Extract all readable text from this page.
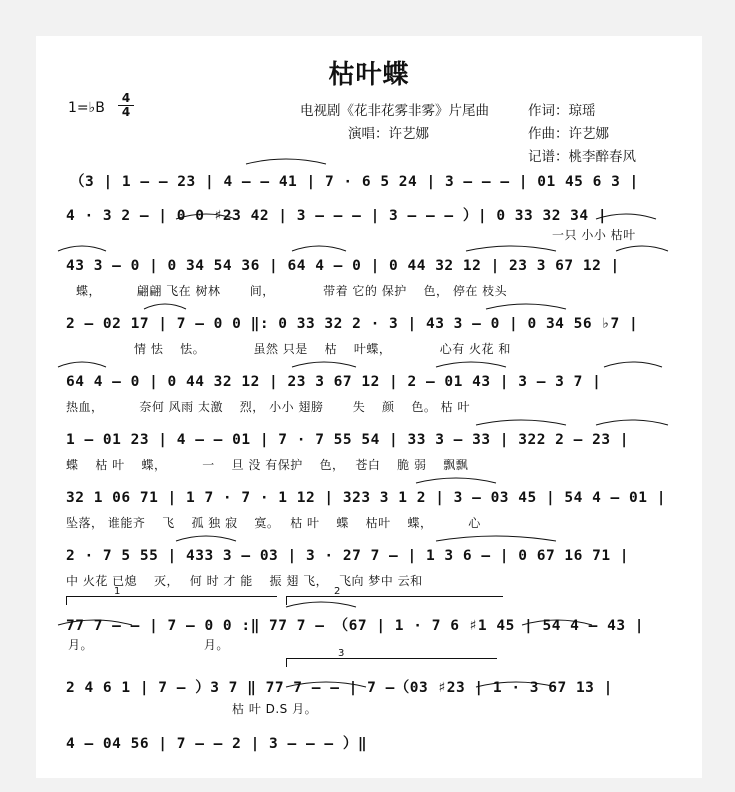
枯叶蝶
1=♭B $\frac{4}{4}$	电视剧《花非花雾非雾》片尾曲
演唱：许艺娜
作词：琼瑶
作曲：许艺娜
记谱：桃李醉春风
（3 | 1 – – 23 | 4 – – 41 | 7 · 6 5 24 | 3 – – – | 01 45 6 3 |
4 · 3 2 – | 0 0 ♯23 42 | 3 – – – | 3 – – – ）| 0 33 32 34 |
一只 小小 枯叶
43 3 – 0 | 0 34 54 36 | 64 4 – 0 | 0 44 32 12 | 23 3 67 12 |
蝶，　　　 翩翩 飞在 树林　　 间，　　　　 带着 它的 保护　 色， 停在 枝头
2 – 02 17 | 7 – 0 0 ‖: 0 33 32 2 · 3 | 43 3 – 0 | 0 34 56 ♭7 |
情 怯　 怯。　　　　 虽然 只是　 枯　 叶蝶，　　　　 心有 火花 和
64 4 – 0 | 0 44 32 12 | 23 3 67 12 | 2 – 01 43 | 3 – 3 7 |
热血，　　　 奈何 风雨 太激　 烈， 小小 翅膀　　 失　 颜　 色。 枯 叶
1 – 01 23 | 4 – – 01 | 7 · 7 55 54 | 33 3 – 33 | 322 2 – 23 |
蝶　 枯 叶　 蝶，　　　 一　 旦 没 有保护　 色，　 苍白　 脆 弱　 飘飘
32 1 06 71 | 1 7 · 7 · 1 12 | 323 3 1 2 | 3 – 03 45 | 54 4 – 01 |
坠落， 谁能齐　 飞　 孤 独 寂　 寞。　 枯 叶　 蝶　 枯叶　 蝶，　　　 心
2 · 7 5 55 | 433 3 – 03 | 3 · 27 7 – | 1 3 6 – | 0 67 16 71 |
中 火花 已熄　 灭，　 何 时 才 能　 振 翅 飞，　 飞向 梦中 云和
77 7 – – | 7 – 0 0 :‖ 77 7 – （67 | 1 · 7 6 ♯1 45 | 54 4 – 43 |
月。　　　　　　　　　 月。
2 4 6 1 | 7 – ）3 7 ‖ 77 7 – – | 7 –（03 ♯23 | 1 · 3 67 13 |
枯 叶 D.S 月。
4 – 04 56 | 7 – – 2 | 3 – – – ）‖
1	2
3
